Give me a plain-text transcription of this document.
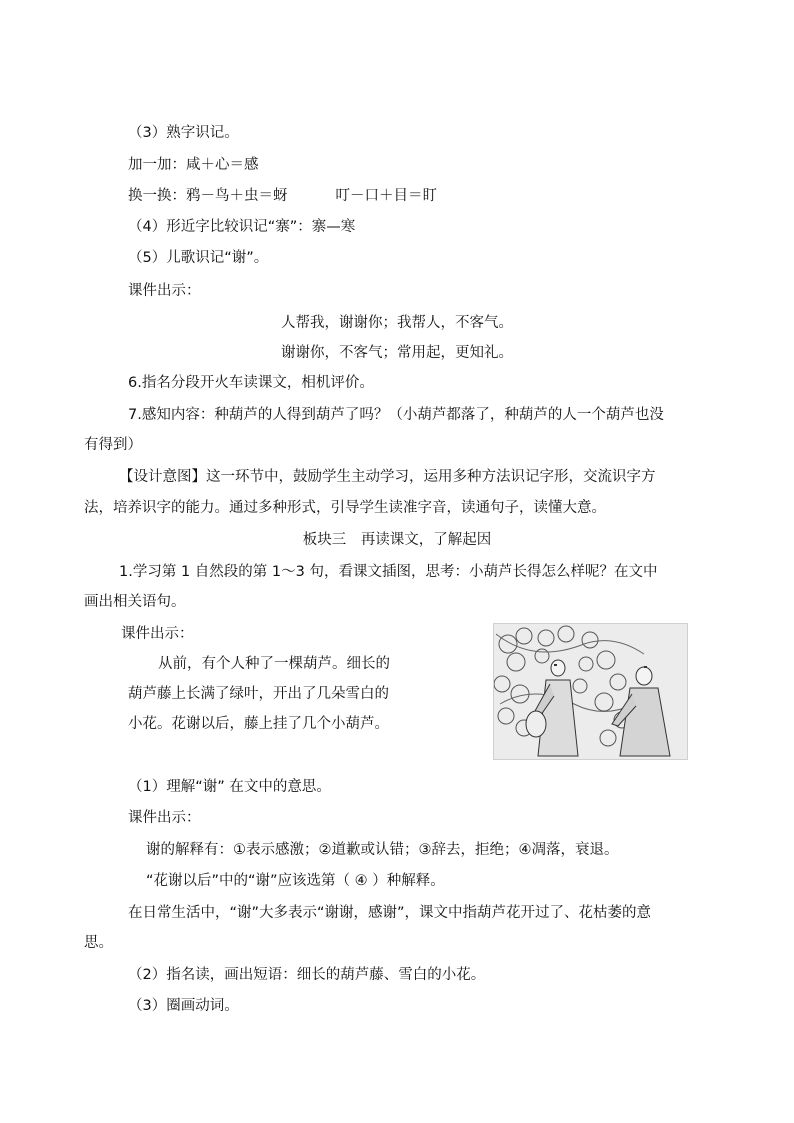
（3）熟字识记。
加一加：咸＋心＝感
换一换：鸦－鸟＋虫＝蚜	叮－口＋目＝盯
（4）形近字比较识记“寨”：寨—寒
（5）儿歌识记“谢”。
课件出示：
人帮我，谢谢你；我帮人，不客气。
谢谢你，不客气；常用起，更知礼。
6.指名分段开火车读课文，相机评价。
7.感知内容：种葫芦的人得到葫芦了吗？（小葫芦都落了，种葫芦的人一个葫芦也没
有得到）
【设计意图】这一环节中，鼓励学生主动学习，运用多种方法识记字形，交流识字方
法，培养识字的能力。通过多种形式，引导学生读准字音，读通句子，读懂大意。
板块三　再读课文，了解起因
1.学习第 1 自然段的第 1～3 句，看课文插图，思考：小葫芦长得怎么样呢？在文中
画出相关语句。
课件出示：
从前，有个人种了一棵葫芦。细长的
葫芦藤上长满了绿叶，开出了几朵雪白的
小花。花谢以后，藤上挂了几个小葫芦。
（1）理解“谢” 在文中的意思。
课件出示：
谢的解释有：①表示感激；②道歉或认错；③辞去，拒绝；④凋落，衰退。
“花谢以后”中的“谢”应该选第（ ④ ）种解释。
在日常生活中，“谢”大多表示“谢谢，感谢”，课文中指葫芦花开过了、花枯萎的意
思。
（2）指名读，画出短语：细长的葫芦藤、雪白的小花。
（3）圈画动词。
